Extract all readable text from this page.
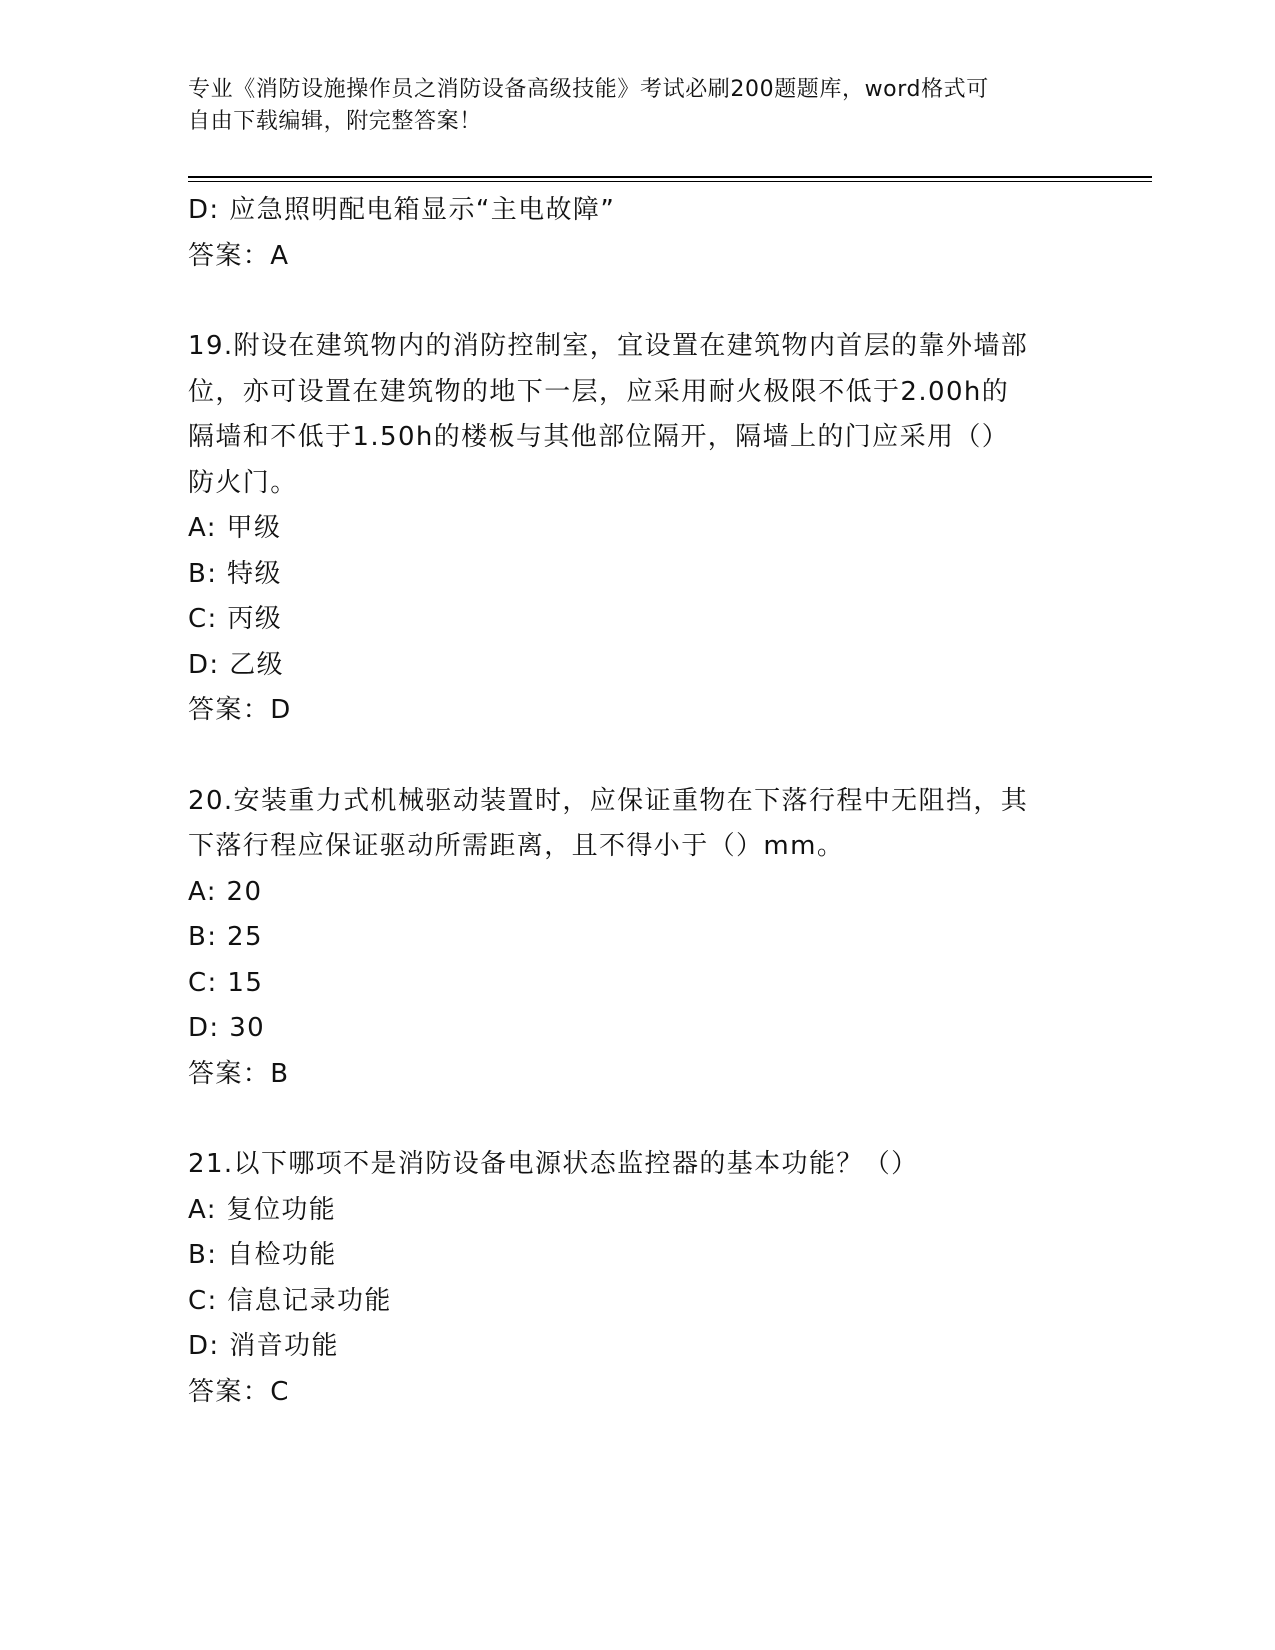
专业《消防设施操作员之消防设备高级技能》考试必刷200题题库，word格式可
自由下载编辑，附完整答案！
D: 应急照明配电箱显示“主电故障”
答案：A
19.附设在建筑物内的消防控制室，宜设置在建筑物内首层的靠外墙部
位，亦可设置在建筑物的地下一层，应采用耐火极限不低于2.00h的
隔墙和不低于1.50h的楼板与其他部位隔开，隔墙上的门应采用（）
防火门。
A: 甲级
B: 特级
C: 丙级
D: 乙级
答案：D
20.安装重力式机械驱动装置时，应保证重物在下落行程中无阻挡，其
下落行程应保证驱动所需距离，且不得小于（）mm。
A: 20
B: 25
C: 15
D: 30
答案：B
21.以下哪项不是消防设备电源状态监控器的基本功能？（）
A: 复位功能
B: 自检功能
C: 信息记录功能
D: 消音功能
答案：C
